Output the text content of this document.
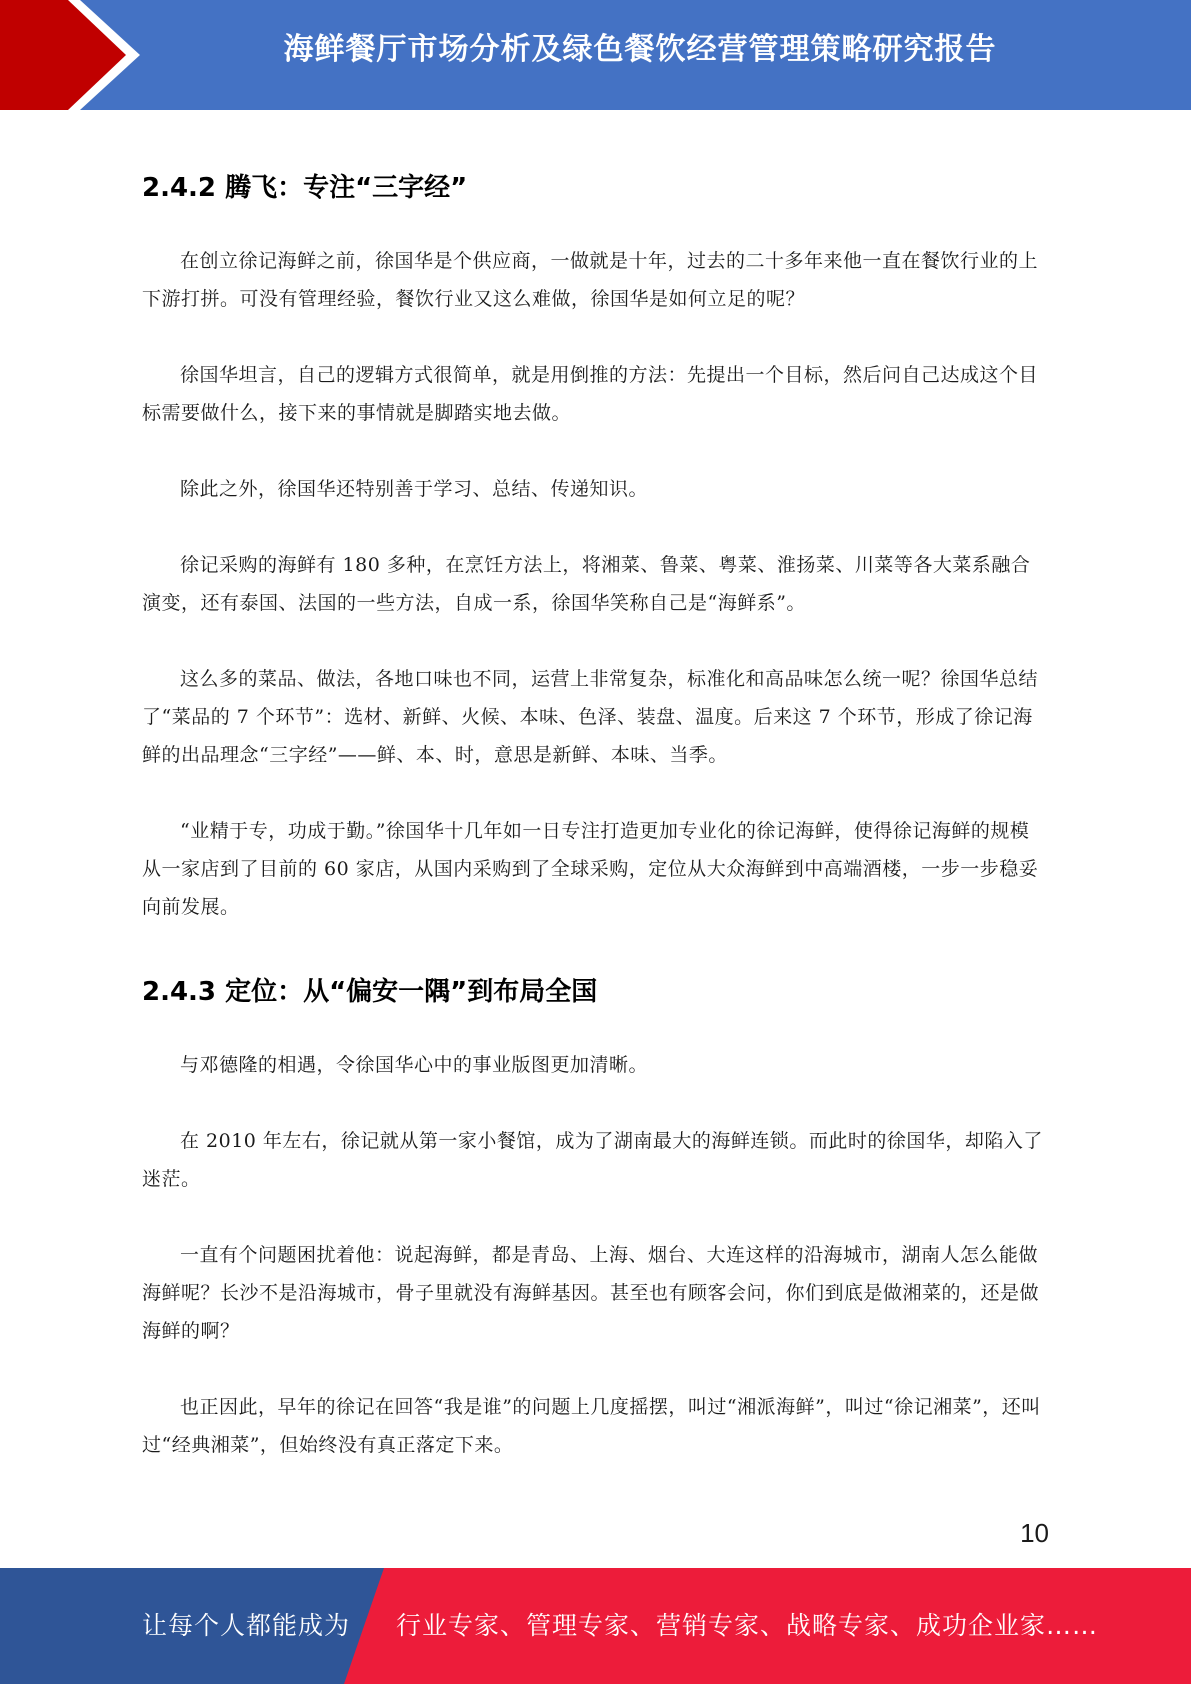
海鲜餐厅市场分析及绿色餐饮经营管理策略研究报告
2.4.2 腾飞：专注“三字经”

在创立徐记海鲜之前，徐国华是个供应商，一做就是十年，过去的二十多年来他一直在餐饮行业的上下游打拼。可没有管理经验，餐饮行业又这么难做，徐国华是如何立足的呢？

徐国华坦言，自己的逻辑方式很简单，就是用倒推的方法：先提出一个目标，然后问自己达成这个目标需要做什么，接下来的事情就是脚踏实地去做。

除此之外，徐国华还特别善于学习、总结、传递知识。

徐记采购的海鲜有 180 多种，在烹饪方法上，将湘菜、鲁菜、粤菜、淮扬菜、川菜等各大菜系融合演变，还有泰国、法国的一些方法，自成一系，徐国华笑称自己是“海鲜系”。

这么多的菜品、做法，各地口味也不同，运营上非常复杂，标准化和高品味怎么统一呢？徐国华总结了“菜品的 7 个环节”：选材、新鲜、火候、本味、色泽、装盘、温度。后来这 7 个环节，形成了徐记海鲜的出品理念“三字经”——鲜、本、时，意思是新鲜、本味、当季。

“业精于专，功成于勤。”徐国华十几年如一日专注打造更加专业化的徐记海鲜，使得徐记海鲜的规模从一家店到了目前的 60 家店，从国内采购到了全球采购，定位从大众海鲜到中高端酒楼，一步一步稳妥向前发展。

2.4.3 定位：从“偏安一隅”到布局全国

与邓德隆的相遇，令徐国华心中的事业版图更加清晰。

在 2010 年左右，徐记就从第一家小餐馆，成为了湖南最大的海鲜连锁。而此时的徐国华，却陷入了迷茫。

一直有个问题困扰着他：说起海鲜，都是青岛、上海、烟台、大连这样的沿海城市，湖南人怎么能做海鲜呢？长沙不是沿海城市，骨子里就没有海鲜基因。甚至也有顾客会问，你们到底是做湘菜的，还是做海鲜的啊？

也正因此，早年的徐记在回答“我是谁”的问题上几度摇摆，叫过“湘派海鲜”，叫过“徐记湘菜”，还叫过“经典湘菜”，但始终没有真正落定下来。

10
让每个人都能成为 行业专家、管理专家、营销专家、战略专家、成功企业家……
